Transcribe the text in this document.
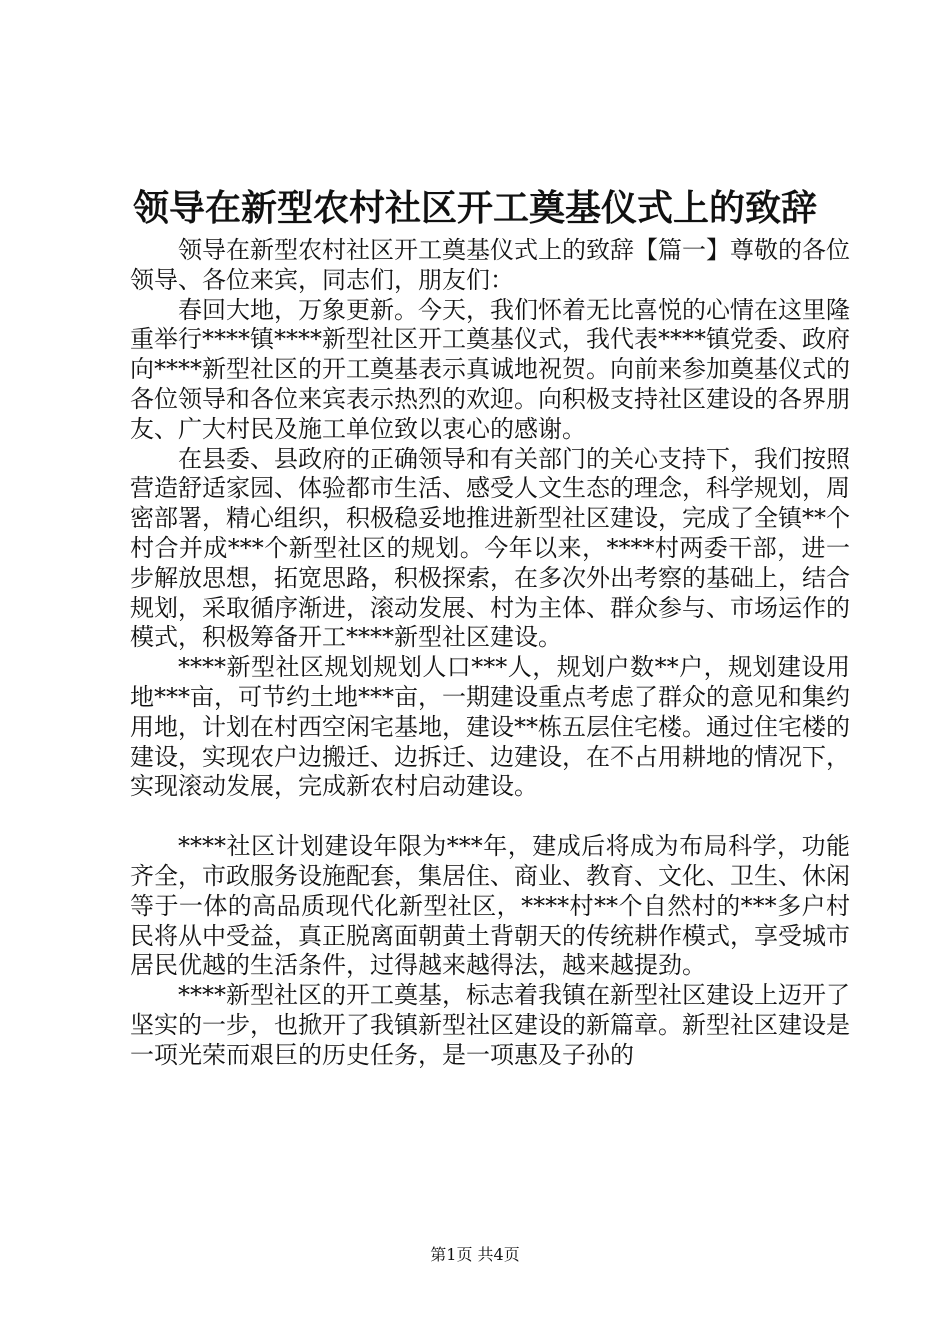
领导在新型农村社区开工奠基仪式上的致辞

领导在新型农村社区开工奠基仪式上的致辞【篇一】尊敬的各位领导、各位来宾，同志们，朋友们：

春回大地，万象更新。今天，我们怀着无比喜悦的心情在这里隆重举行****镇****新型社区开工奠基仪式，我代表****镇党委、政府向****新型社区的开工奠基表示真诚地祝贺。向前来参加奠基仪式的各位领导和各位来宾表示热烈的欢迎。向积极支持社区建设的各界朋友、广大村民及施工单位致以衷心的感谢。

在县委、县政府的正确领导和有关部门的关心支持下，我们按照营造舒适家园、体验都市生活、感受人文生态的理念，科学规划，周密部署，精心组织，积极稳妥地推进新型社区建设，完成了全镇**个村合并成***个新型社区的规划。今年以来，****村两委干部，进一步解放思想，拓宽思路，积极探索，在多次外出考察的基础上，结合规划，采取循序渐进，滚动发展、村为主体、群众参与、市场运作的模式，积极筹备开工****新型社区建设。

****新型社区规划规划人口***人，规划户数**户，规划建设用地***亩，可节约土地***亩，一期建设重点考虑了群众的意见和集约用地，计划在村西空闲宅基地，建设**栋五层住宅楼。通过住宅楼的建设，实现农户边搬迁、边拆迁、边建设，在不占用耕地的情况下，实现滚动发展，完成新农村启动建设。

****社区计划建设年限为***年，建成后将成为布局科学，功能齐全，市政服务设施配套，集居住、商业、教育、文化、卫生、休闲等于一体的高品质现代化新型社区，****村**个自然村的***多户村民将从中受益，真正脱离面朝黄土背朝天的传统耕作模式，享受城市居民优越的生活条件，过得越来越得法，越来越提劲。

****新型社区的开工奠基，标志着我镇在新型社区建设上迈开了坚实的一步，也掀开了我镇新型社区建设的新篇章。新型社区建设是一项光荣而艰巨的历史任务，是一项惠及子孙的

第1页 共4页
